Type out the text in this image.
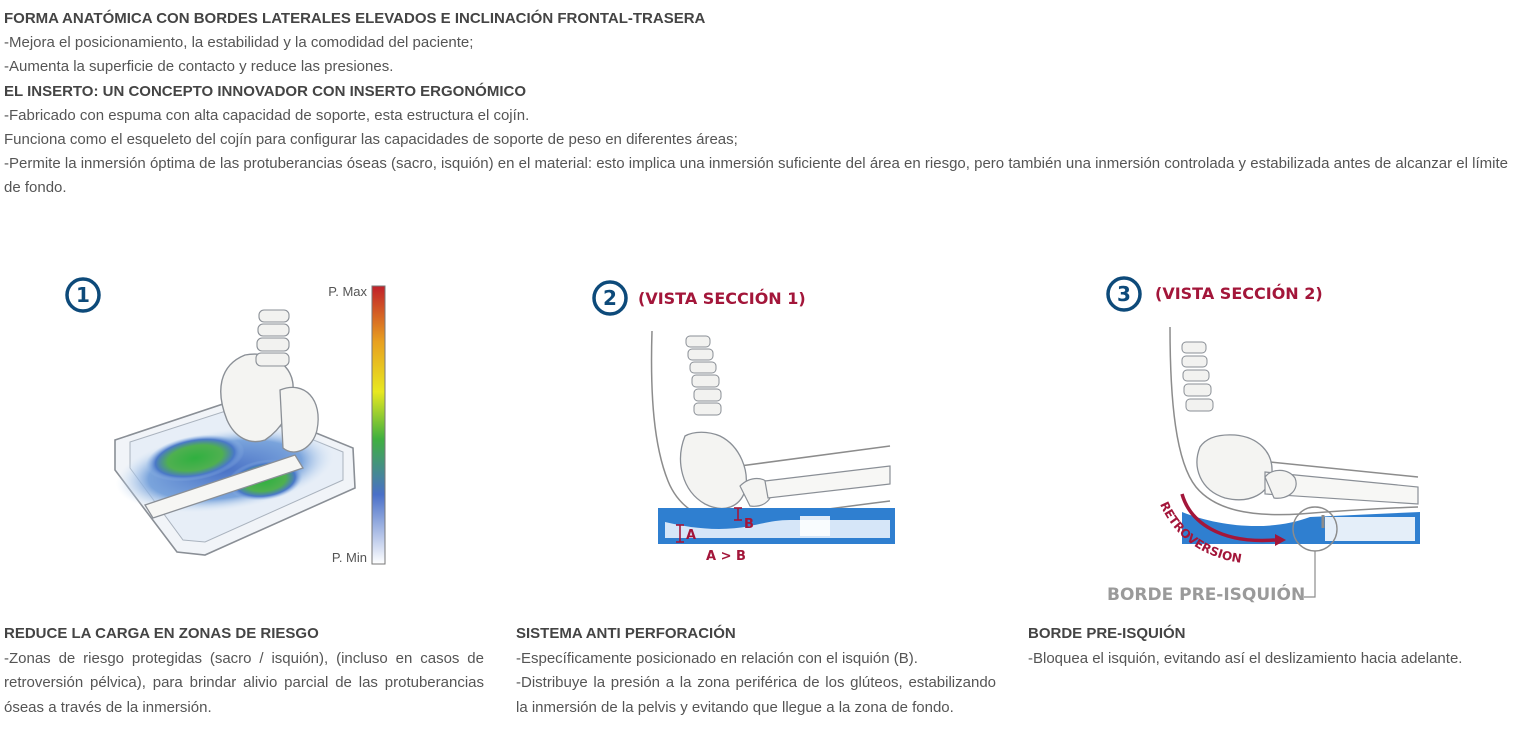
FORMA ANATÓMICA CON BORDES LATERALES ELEVADOS E INCLINACIÓN FRONTAL-TRASERA

-Mejora el posicionamiento, la estabilidad y la comodidad del paciente;

-Aumenta la superficie de contacto y reduce las presiones.

EL INSERTO: UN CONCEPTO INNOVADOR CON INSERTO ERGONÓMICO

-Fabricado con espuma con alta capacidad de soporte, esta estructura el cojín.

Funciona como el esqueleto del cojín para configurar las capacidades de soporte de peso en diferentes áreas;

-Permite la inmersión óptima de las protuberancias óseas (sacro, isquión) en el material: esto implica una inmersión suficiente del área en riesgo, pero también una inmersión controlada y estabilizada antes de alcanzar el límite de fondo.

1	P. Max
P. Min
2 (VISTA SECCIÓN 1)
A
B
A > B
3 (VISTA SECCIÓN 2)
BORDE PRE-ISQUIÓN
RETROVERSION
REDUCE LA CARGA EN ZONAS DE RIESGO

-Zonas de riesgo protegidas (sacro / isquión), (incluso en casos de retroversión pélvica), para brindar alivio parcial de las protuberancias óseas a través de la inmersión.

SISTEMA ANTI PERFORACIÓN

-Específicamente posicionado en relación con el isquión (B).

-Distribuye la presión a la zona periférica de los glúteos, estabilizando la inmersión de la pelvis y evitando que llegue a la zona de fondo.

BORDE PRE-ISQUIÓN

-Bloquea el isquión, evitando así el deslizamiento hacia adelante.
